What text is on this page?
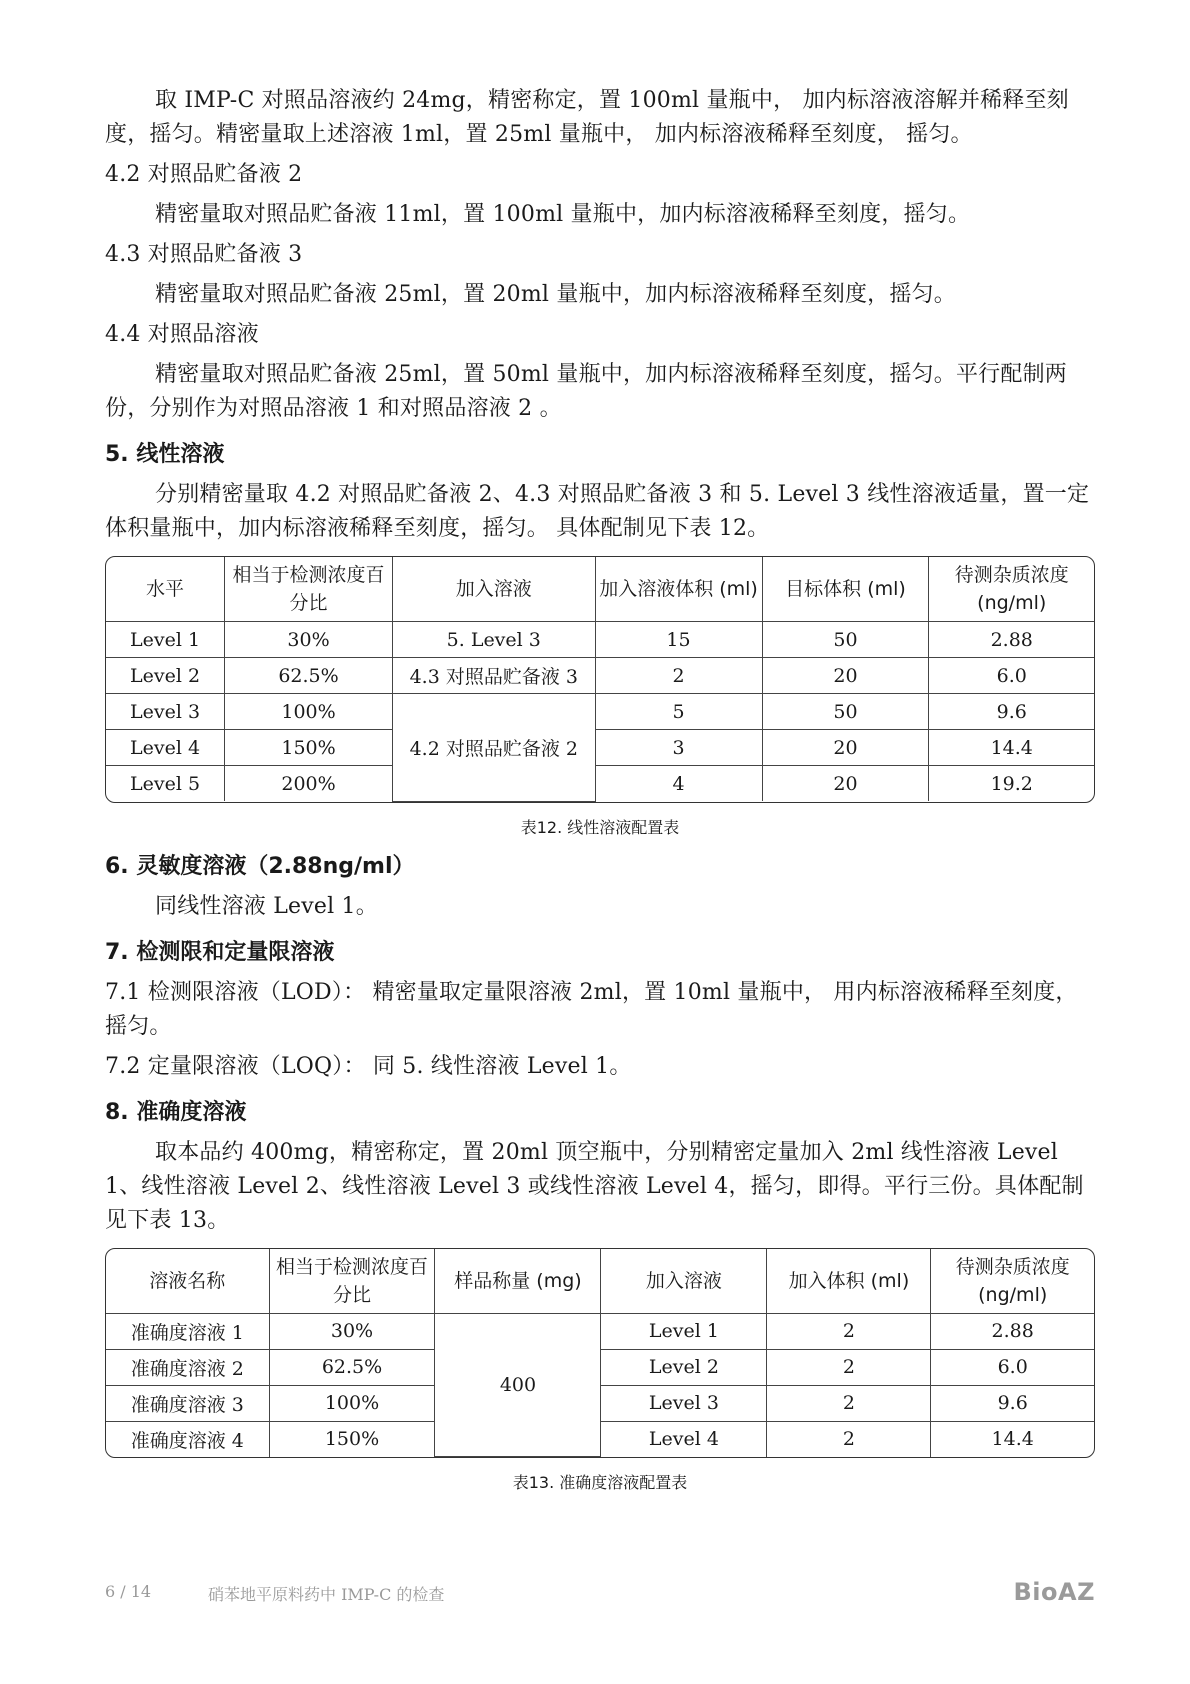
取 IMP-C 对照品溶液约 24mg，精密称定，置 100ml 量瓶中， 加内标溶液溶解并稀释至刻度，摇匀。精密量取上述溶液 1ml，置 25ml 量瓶中， 加内标溶液稀释至刻度， 摇匀。

4.2 对照品贮备液 2

精密量取对照品贮备液 11ml，置 100ml 量瓶中，加内标溶液稀释至刻度，摇匀。

4.3 对照品贮备液 3

精密量取对照品贮备液 25ml，置 20ml 量瓶中，加内标溶液稀释至刻度，摇匀。

4.4 对照品溶液

精密量取对照品贮备液 25ml，置 50ml 量瓶中，加内标溶液稀释至刻度，摇匀。平行配制两份，分别作为对照品溶液 1 和对照品溶液 2 。

5. 线性溶液

分别精密量取 4.2 对照品贮备液 2、4.3 对照品贮备液 3 和 5. Level 3 线性溶液适量，置一定体积量瓶中，加内标溶液稀释至刻度，摇匀。 具体配制见下表 12。

水平	相当于检测浓度百分比	加入溶液	加入溶液体积 (ml)	目标体积 (ml)	待测杂质浓度 (ng/ml)
Level 1	30%	5. Level 3	15	50	2.88
Level 2	62.5%	4.3 对照品贮备液 3	2	20	6.0
Level 3	100%	4.2 对照品贮备液 2	5	50	9.6
Level 4	150%		3	20	14.4
Level 5	200%		4	20	19.2
表12. 线性溶液配置表
6. 灵敏度溶液（2.88ng/ml）

同线性溶液 Level 1。

7. 检测限和定量限溶液

7.1 检测限溶液（LOD）： 精密量取定量限溶液 2ml，置 10ml 量瓶中， 用内标溶液稀释至刻度，摇匀。

7.2 定量限溶液（LOQ）： 同 5. 线性溶液 Level 1。

8. 准确度溶液

取本品约 400mg，精密称定，置 20ml 顶空瓶中，分别精密定量加入 2ml 线性溶液 Level 1、线性溶液 Level 2、线性溶液 Level 3 或线性溶液 Level 4，摇匀，即得。平行三份。具体配制见下表 13。

溶液名称	相当于检测浓度百分比	样品称量 (mg)	加入溶液	加入体积 (ml)	待测杂质浓度 (ng/ml)
准确度溶液 1	30%	400	Level 1	2	2.88
准确度溶液 2	62.5%		Level 2	2	6.0
准确度溶液 3	100%		Level 3	2	9.6
准确度溶液 4	150%		Level 4	2	14.4
表13. 准确度溶液配置表
6 / 14	硝苯地平原料药中 IMP-C 的检查	BioAZ
